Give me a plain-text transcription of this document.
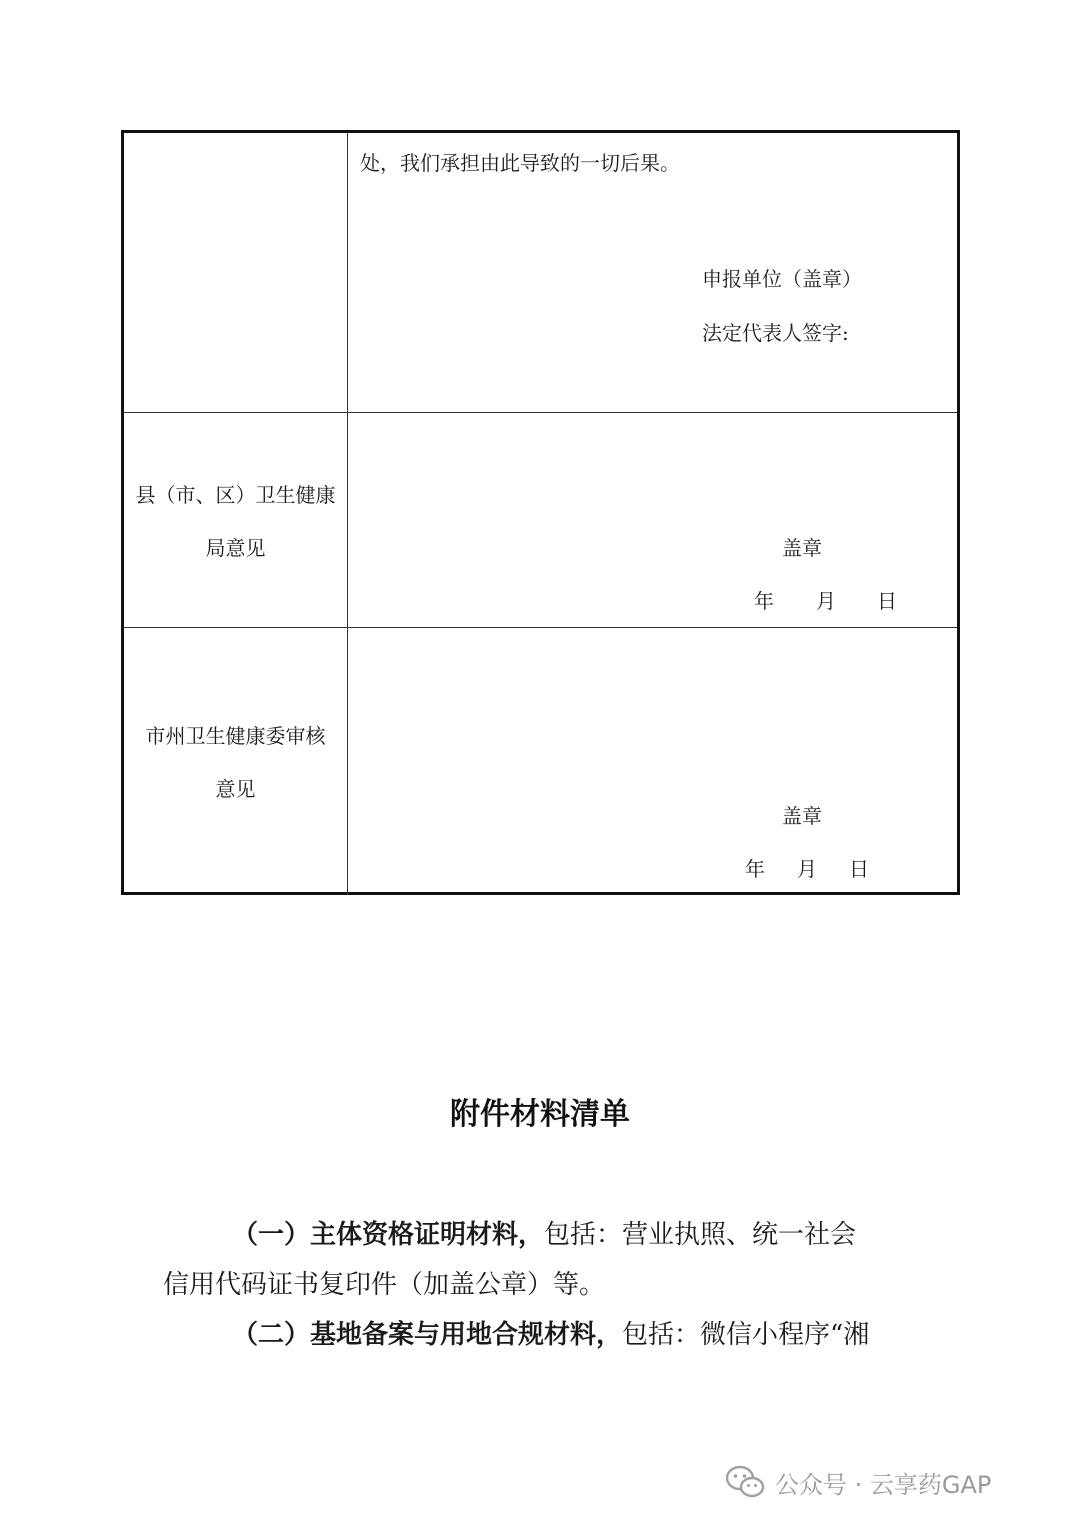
处，我们承担由此导致的一切后果。
申报单位（盖章）
法定代表人签字:
县（市、区）卫生健康
局意见	盖章
年 月 日
市州卫生健康委审核
意见
盖章
年 月 日
附件材料清单
（一）主体资格证明材料，包括：营业执照、统一社会
信用代码证书复印件（加盖公章）等。
（二）基地备案与用地合规材料，包括：微信小程序“湘
公众号 · 云享药GAP
